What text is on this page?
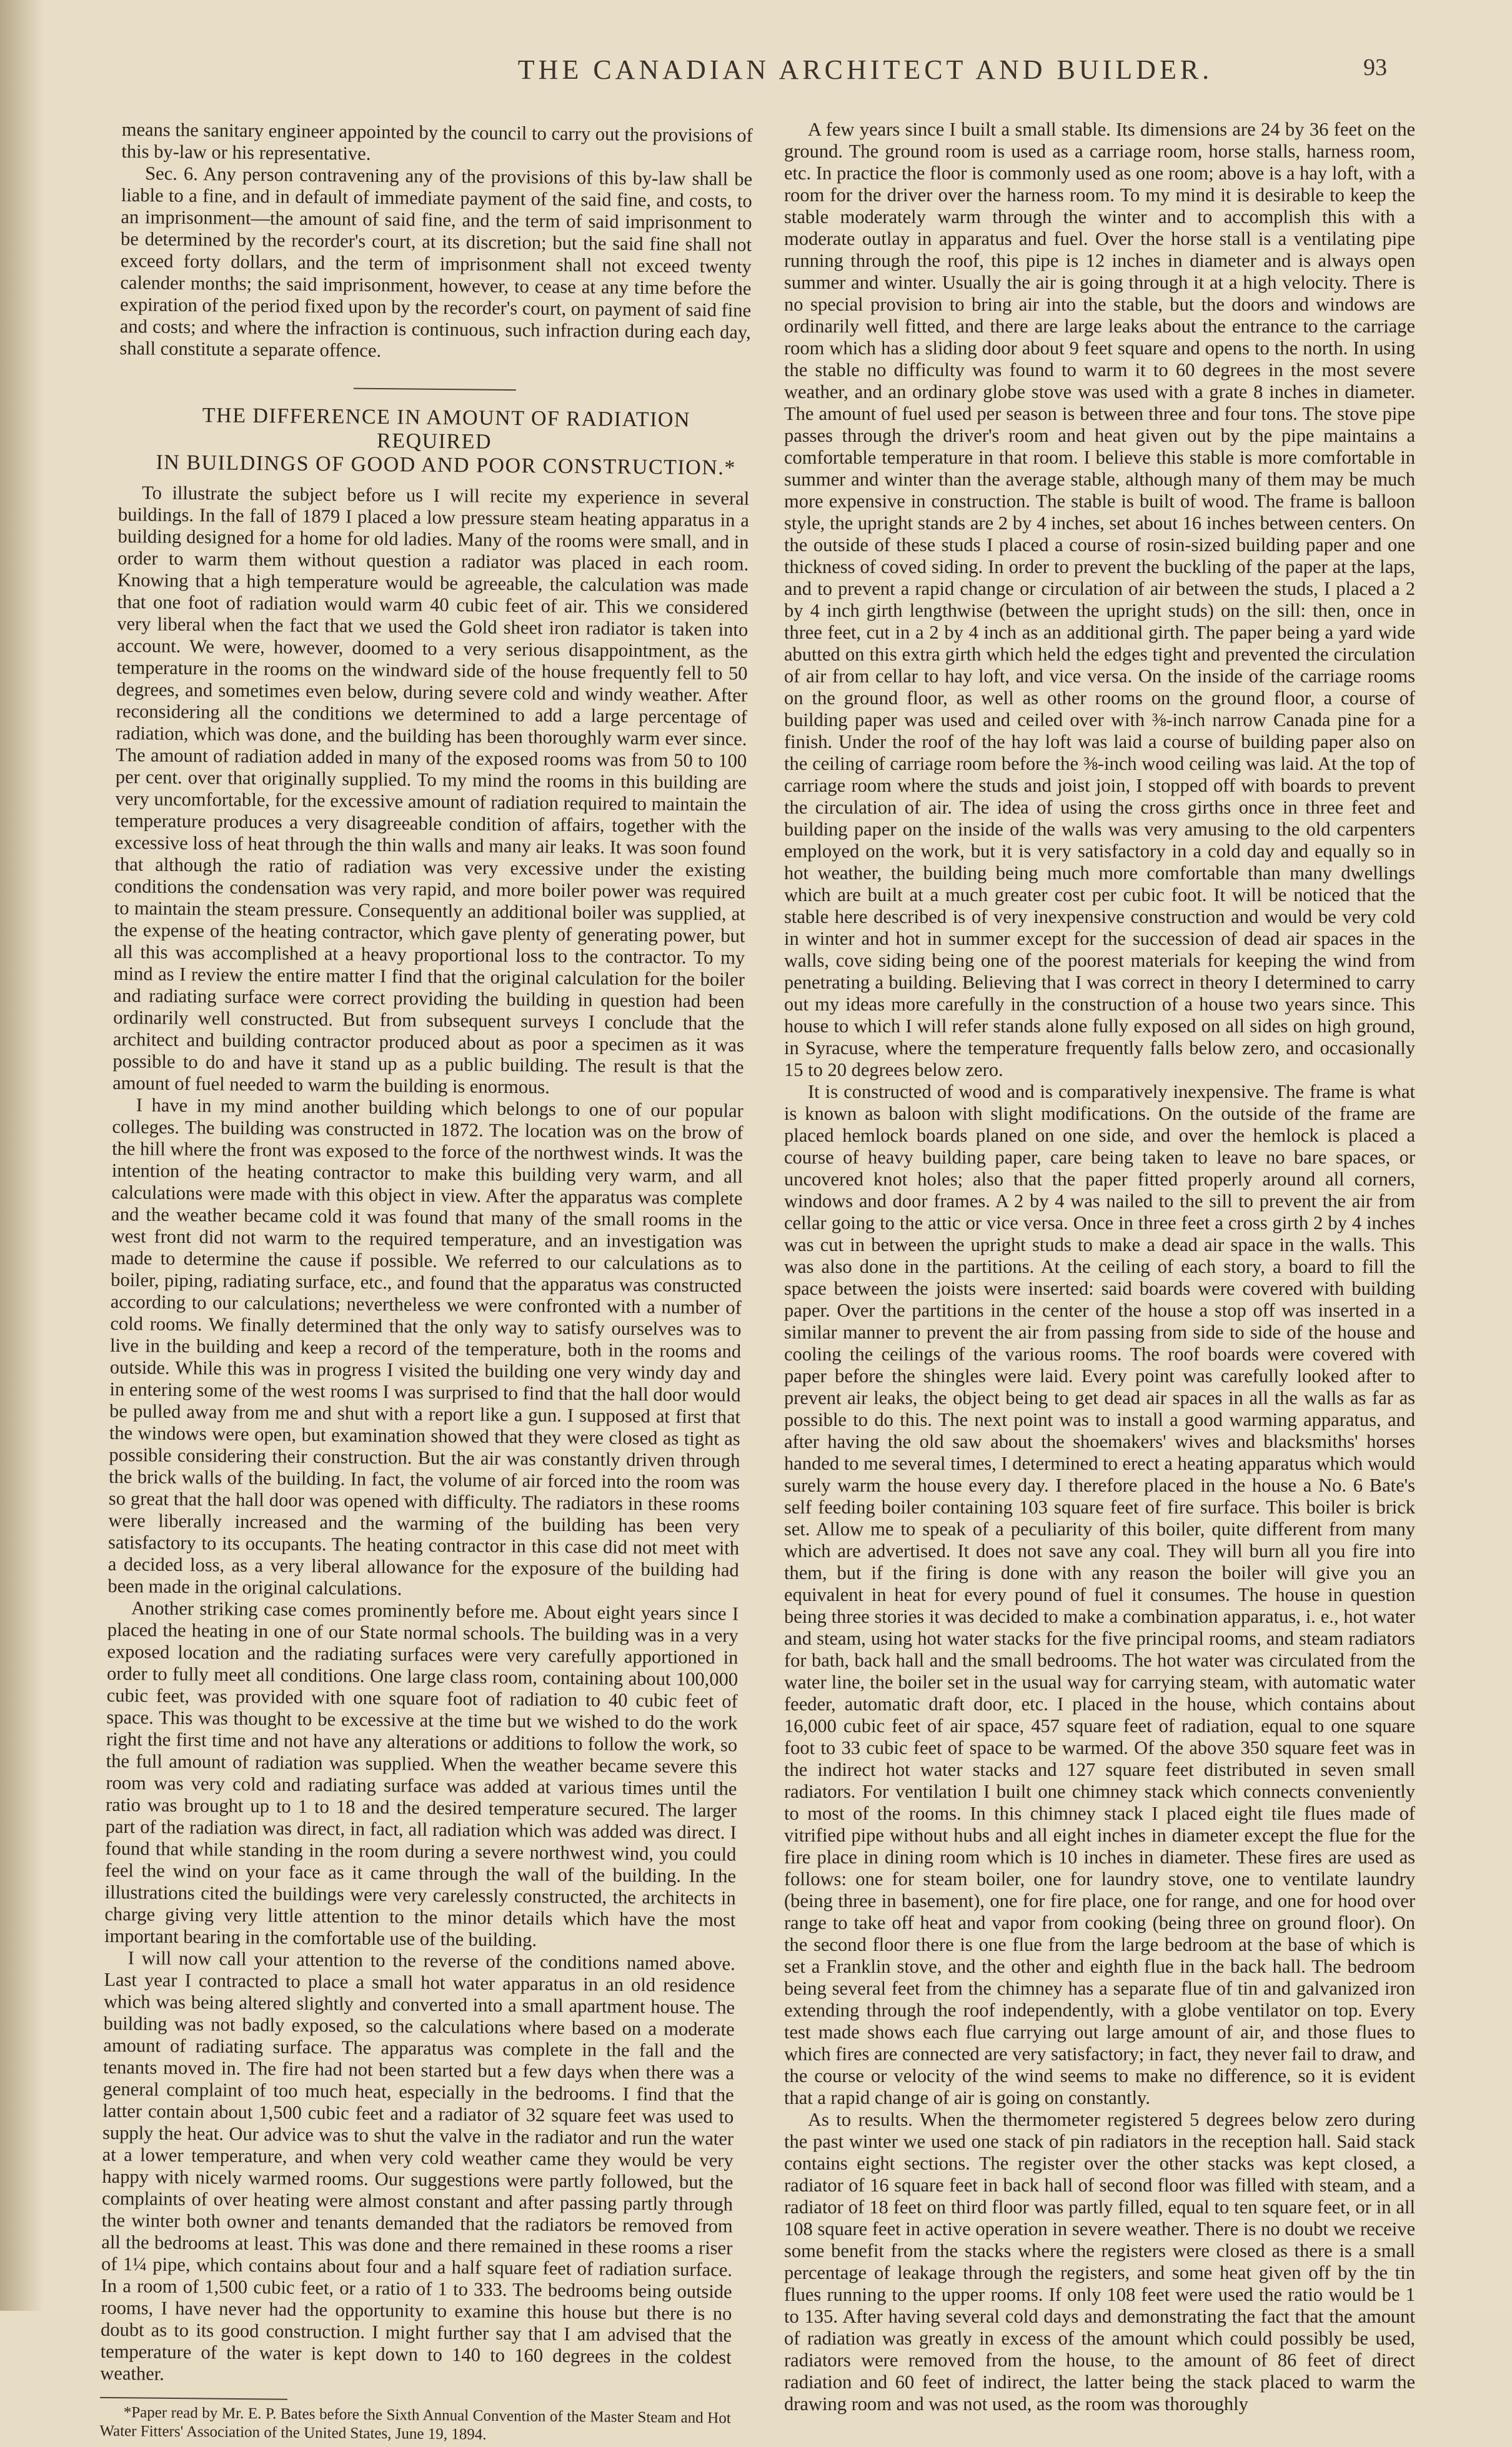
THE CANADIAN ARCHITECT AND BUILDER.	93

means the sanitary engineer appointed by the council to carry out the provisions of this by-law or his representative.

Sec. 6. Any person contravening any of the provisions of this by-law shall be liable to a fine, and in default of immediate payment of the said fine, and costs, to an imprisonment—the amount of said fine, and the term of said imprisonment to be determined by the recorder's court, at its discretion; but the said fine shall not exceed forty dollars, and the term of imprisonment shall not exceed twenty calender months; the said imprisonment, however, to cease at any time before the expiration of the period fixed upon by the recorder's court, on payment of said fine and costs; and where the infraction is continuous, such infraction during each day, shall constitute a separate offence.

THE DIFFERENCE IN AMOUNT OF RADIATION REQUIRED

IN BUILDINGS OF GOOD AND POOR CONSTRUCTION.*

To illustrate the subject before us I will recite my experience in several buildings. In the fall of 1879 I placed a low pressure steam heating apparatus in a building designed for a home for old ladies. Many of the rooms were small, and in order to warm them without question a radiator was placed in each room. Knowing that a high temperature would be agreeable, the calculation was made that one foot of radiation would warm 40 cubic feet of air. This we considered very liberal when the fact that we used the Gold sheet iron radiator is taken into account. We were, however, doomed to a very serious disappointment, as the temperature in the rooms on the windward side of the house frequently fell to 50 degrees, and sometimes even below, during severe cold and windy weather. After reconsidering all the conditions we determined to add a large percentage of radiation, which was done, and the building has been thoroughly warm ever since. The amount of radiation added in many of the exposed rooms was from 50 to 100 per cent. over that originally supplied. To my mind the rooms in this building are very uncomfortable, for the excessive amount of radiation required to maintain the temperature produces a very disagreeable condition of affairs, together with the excessive loss of heat through the thin walls and many air leaks. It was soon found that although the ratio of radiation was very excessive under the existing conditions the condensation was very rapid, and more boiler power was required to maintain the steam pressure. Consequently an additional boiler was supplied, at the expense of the heating contractor, which gave plenty of generating power, but all this was accomplished at a heavy proportional loss to the contractor. To my mind as I review the entire matter I find that the original calculation for the boiler and radiating surface were correct providing the building in question had been ordinarily well constructed. But from subsequent surveys I conclude that the architect and building contractor produced about as poor a specimen as it was possible to do and have it stand up as a public building. The result is that the amount of fuel needed to warm the building is enormous.

I have in my mind another building which belongs to one of our popular colleges. The building was constructed in 1872. The location was on the brow of the hill where the front was exposed to the force of the northwest winds. It was the intention of the heating contractor to make this building very warm, and all calculations were made with this object in view. After the apparatus was complete and the weather became cold it was found that many of the small rooms in the west front did not warm to the required temperature, and an investigation was made to determine the cause if possible. We referred to our calculations as to boiler, piping, radiating surface, etc., and found that the apparatus was constructed according to our calculations; nevertheless we were confronted with a number of cold rooms. We finally determined that the only way to satisfy ourselves was to live in the building and keep a record of the temperature, both in the rooms and outside. While this was in progress I visited the building one very windy day and in entering some of the west rooms I was surprised to find that the hall door would be pulled away from me and shut with a report like a gun. I supposed at first that the windows were open, but examination showed that they were closed as tight as possible considering their construction. But the air was constantly driven through the brick walls of the building. In fact, the volume of air forced into the room was so great that the hall door was opened with difficulty. The radiators in these rooms were liberally increased and the warming of the building has been very satisfactory to its occupants. The heating contractor in this case did not meet with a decided loss, as a very liberal allowance for the exposure of the building had been made in the original calculations.

Another striking case comes prominently before me. About eight years since I placed the heating in one of our State normal schools. The building was in a very exposed location and the radiating surfaces were very carefully apportioned in order to fully meet all conditions. One large class room, containing about 100,000 cubic feet, was provided with one square foot of radiation to 40 cubic feet of space. This was thought to be excessive at the time but we wished to do the work right the first time and not have any alterations or additions to follow the work, so the full amount of radiation was supplied. When the weather became severe this room was very cold and radiating surface was added at various times until the ratio was brought up to 1 to 18 and the desired temperature secured. The larger part of the radiation was direct, in fact, all radiation which was added was direct. I found that while standing in the room during a severe northwest wind, you could feel the wind on your face as it came through the wall of the building. In the illustrations cited the buildings were very carelessly constructed, the architects in charge giving very little attention to the minor details which have the most important bearing in the comfortable use of the building.

I will now call your attention to the reverse of the conditions named above. Last year I contracted to place a small hot water apparatus in an old residence which was being altered slightly and converted into a small apartment house. The building was not badly exposed, so the calculations where based on a moderate amount of radiating surface. The apparatus was complete in the fall and the tenants moved in. The fire had not been started but a few days when there was a general complaint of too much heat, especially in the bedrooms. I find that the latter contain about 1,500 cubic feet and a radiator of 32 square feet was used to supply the heat. Our advice was to shut the valve in the radiator and run the water at a lower temperature, and when very cold weather came they would be very happy with nicely warmed rooms. Our suggestions were partly followed, but the complaints of over heating were almost constant and after passing partly through the winter both owner and tenants demanded that the radiators be removed from all the bedrooms at least. This was done and there remained in these rooms a riser of 1¼ pipe, which contains about four and a half square feet of radiation surface. In a room of 1,500 cubic feet, or a ratio of 1 to 333. The bedrooms being outside rooms, I have never had the opportunity to examine this house but there is no doubt as to its good construction. I might further say that I am advised that the temperature of the water is kept down to 140 to 160 degrees in the coldest weather.

*Paper read by Mr. E. P. Bates before the Sixth Annual Convention of the Master Steam and Hot Water Fitters' Association of the United States, June 19, 1894.

A few years since I built a small stable. Its dimensions are 24 by 36 feet on the ground. The ground room is used as a carriage room, horse stalls, harness room, etc. In practice the floor is commonly used as one room; above is a hay loft, with a room for the driver over the harness room. To my mind it is desirable to keep the stable moderately warm through the winter and to accomplish this with a moderate outlay in apparatus and fuel. Over the horse stall is a ventilating pipe running through the roof, this pipe is 12 inches in diameter and is always open summer and winter. Usually the air is going through it at a high velocity. There is no special provision to bring air into the stable, but the doors and windows are ordinarily well fitted, and there are large leaks about the entrance to the carriage room which has a sliding door about 9 feet square and opens to the north. In using the stable no difficulty was found to warm it to 60 degrees in the most severe weather, and an ordinary globe stove was used with a grate 8 inches in diameter. The amount of fuel used per season is between three and four tons. The stove pipe passes through the driver's room and heat given out by the pipe maintains a comfortable temperature in that room. I believe this stable is more comfortable in summer and winter than the average stable, although many of them may be much more expensive in construction. The stable is built of wood. The frame is balloon style, the upright stands are 2 by 4 inches, set about 16 inches between centers. On the outside of these studs I placed a course of rosin-sized building paper and one thickness of coved siding. In order to prevent the buckling of the paper at the laps, and to prevent a rapid change or circulation of air between the studs, I placed a 2 by 4 inch girth lengthwise (between the upright studs) on the sill: then, once in three feet, cut in a 2 by 4 inch as an additional girth. The paper being a yard wide abutted on this extra girth which held the edges tight and prevented the circulation of air from cellar to hay loft, and vice versa. On the inside of the carriage rooms on the ground floor, as well as other rooms on the ground floor, a course of building paper was used and ceiled over with ⅜-inch narrow Canada pine for a finish. Under the roof of the hay loft was laid a course of building paper also on the ceiling of carriage room before the ⅜-inch wood ceiling was laid. At the top of carriage room where the studs and joist join, I stopped off with boards to prevent the circulation of air. The idea of using the cross girths once in three feet and building paper on the inside of the walls was very amusing to the old carpenters employed on the work, but it is very satisfactory in a cold day and equally so in hot weather, the building being much more comfortable than many dwellings which are built at a much greater cost per cubic foot. It will be noticed that the stable here described is of very inexpensive construction and would be very cold in winter and hot in summer except for the succession of dead air spaces in the walls, cove siding being one of the poorest materials for keeping the wind from penetrating a building. Believing that I was correct in theory I determined to carry out my ideas more carefully in the construction of a house two years since. This house to which I will refer stands alone fully exposed on all sides on high ground, in Syracuse, where the temperature frequently falls below zero, and occasionally 15 to 20 degrees below zero.

It is constructed of wood and is comparatively inexpensive. The frame is what is known as baloon with slight modifications. On the outside of the frame are placed hemlock boards planed on one side, and over the hemlock is placed a course of heavy building paper, care being taken to leave no bare spaces, or uncovered knot holes; also that the paper fitted properly around all corners, windows and door frames. A 2 by 4 was nailed to the sill to prevent the air from cellar going to the attic or vice versa. Once in three feet a cross girth 2 by 4 inches was cut in between the upright studs to make a dead air space in the walls. This was also done in the partitions. At the ceiling of each story, a board to fill the space between the joists were inserted: said boards were covered with building paper. Over the partitions in the center of the house a stop off was inserted in a similar manner to prevent the air from passing from side to side of the house and cooling the ceilings of the various rooms. The roof boards were covered with paper before the shingles were laid. Every point was carefully looked after to prevent air leaks, the object being to get dead air spaces in all the walls as far as possible to do this. The next point was to install a good warming apparatus, and after having the old saw about the shoemakers' wives and blacksmiths' horses handed to me several times, I determined to erect a heating apparatus which would surely warm the house every day. I therefore placed in the house a No. 6 Bate's self feeding boiler containing 103 square feet of fire surface. This boiler is brick set. Allow me to speak of a peculiarity of this boiler, quite different from many which are advertised. It does not save any coal. They will burn all you fire into them, but if the firing is done with any reason the boiler will give you an equivalent in heat for every pound of fuel it consumes. The house in question being three stories it was decided to make a combination apparatus, i. e., hot water and steam, using hot water stacks for the five principal rooms, and steam radiators for bath, back hall and the small bedrooms. The hot water was circulated from the water line, the boiler set in the usual way for carrying steam, with automatic water feeder, automatic draft door, etc. I placed in the house, which contains about 16,000 cubic feet of air space, 457 square feet of radiation, equal to one square foot to 33 cubic feet of space to be warmed. Of the above 350 square feet was in the indirect hot water stacks and 127 square feet distributed in seven small radiators. For ventilation I built one chimney stack which connects conveniently to most of the rooms. In this chimney stack I placed eight tile flues made of vitrified pipe without hubs and all eight inches in diameter except the flue for the fire place in dining room which is 10 inches in diameter. These fires are used as follows: one for steam boiler, one for laundry stove, one to ventilate laundry (being three in basement), one for fire place, one for range, and one for hood over range to take off heat and vapor from cooking (being three on ground floor). On the second floor there is one flue from the large bedroom at the base of which is set a Franklin stove, and the other and eighth flue in the back hall. The bedroom being several feet from the chimney has a separate flue of tin and galvanized iron extending through the roof independently, with a globe ventilator on top. Every test made shows each flue carrying out large amount of air, and those flues to which fires are connected are very satisfactory; in fact, they never fail to draw, and the course or velocity of the wind seems to make no difference, so it is evident that a rapid change of air is going on constantly.

As to results. When the thermometer registered 5 degrees below zero during the past winter we used one stack of pin radiators in the reception hall. Said stack contains eight sections. The register over the other stacks was kept closed, a radiator of 16 square feet in back hall of second floor was filled with steam, and a radiator of 18 feet on third floor was partly filled, equal to ten square feet, or in all 108 square feet in active operation in severe weather. There is no doubt we receive some benefit from the stacks where the registers were closed as there is a small percentage of leakage through the registers, and some heat given off by the tin flues running to the upper rooms. If only 108 feet were used the ratio would be 1 to 135. After having several cold days and demonstrating the fact that the amount of radiation was greatly in excess of the amount which could possibly be used, radiators were removed from the house, to the amount of 86 feet of direct radiation and 60 feet of indirect, the latter being the stack placed to warm the drawing room and was not used, as the room was thoroughly
